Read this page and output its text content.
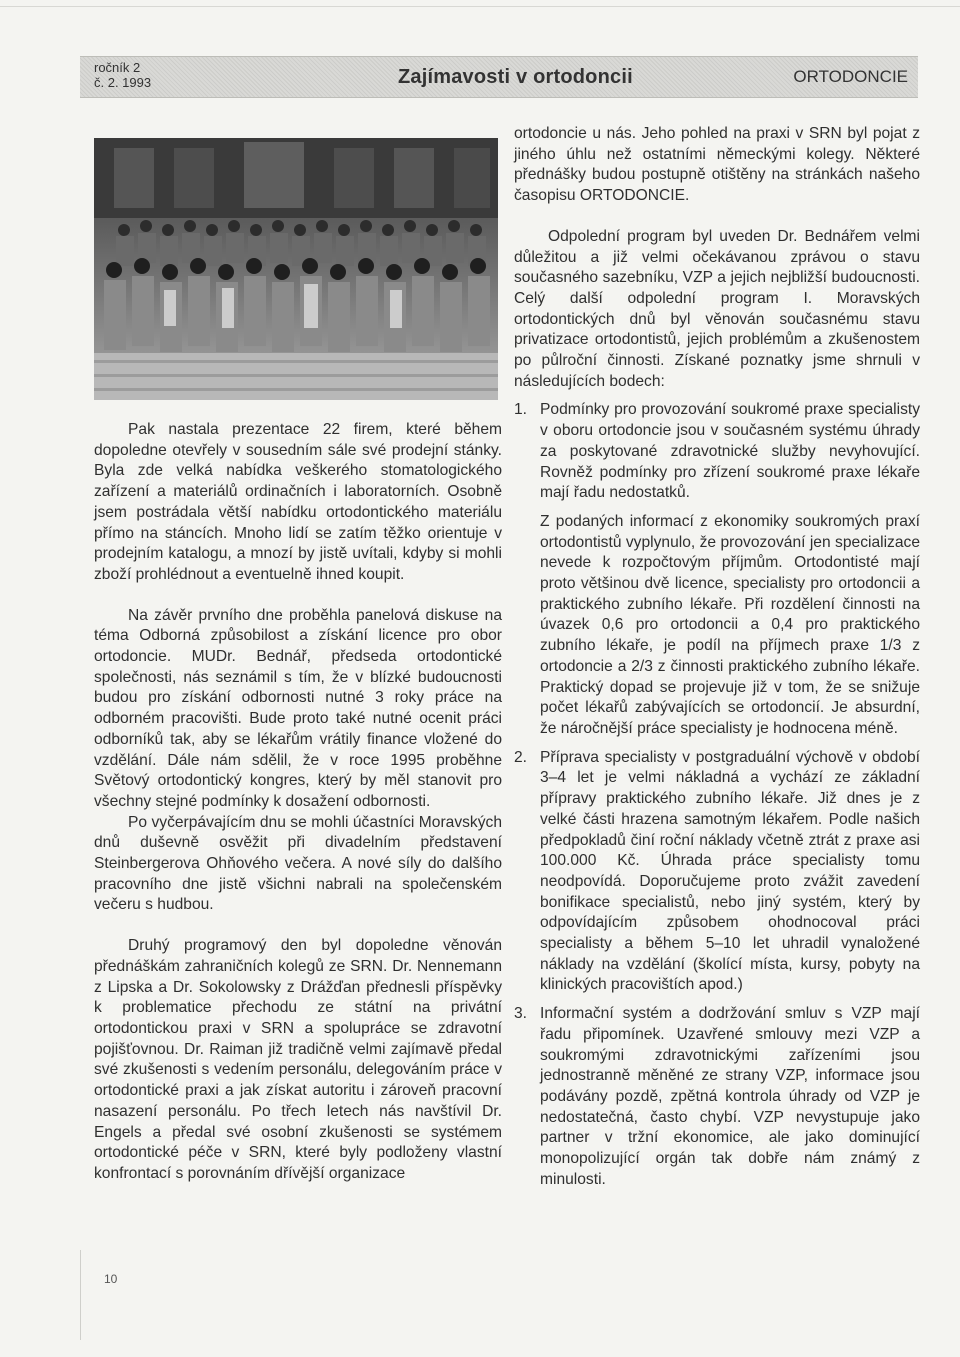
ročník 2
č. 2. 1993	Zajímavosti v ortodoncii	ORTODONCIE

Pak nastala prezentace 22 firem, které během dopoledne otevřely v sousedním sále své prodejní stánky. Byla zde velká nabídka veškerého stomatologického zařízení a materiálů ordinačních i laboratorních. Osobně jsem postrádala větší nabídku ortodontického materiálu přímo na stáncích. Mnoho lidí se zatím těžko orientuje v prodejním katalogu, a mnozí by jistě uvítali, kdyby si mohli zboží prohlédnout a eventuelně ihned koupit.

Na závěr prvního dne proběhla panelová diskuse na téma Odborná způsobilost a získání licence pro obor ortodoncie. MUDr. Bednář, předseda ortodontické společnosti, nás seznámil s tím, že v blízké budoucnosti budou pro získání odbornosti nutné 3 roky práce na odborném pracovišti. Bude proto také nutné ocenit práci odborníků tak, aby se lékařům vrátily finance vložené do vzdělání. Dále nám sdělil, že v roce 1995 proběhne Světový ortodontický kongres, který by měl stanovit pro všechny stejné podmínky k dosažení odbornosti.

Po vyčerpávajícím dnu se mohli účastníci Moravských dnů duševně osvěžit při divadelním představení Steinbergerova Ohňového večera. A nové síly do dalšího pracovního dne jistě všichni nabrali na společenském večeru s hudbou.

Druhý programový den byl dopoledne věnován přednáškám zahraničních kolegů ze SRN. Dr. Nennemann z Lipska a Dr. Sokolowsky z Drážďan přednesli příspěvky k problematice přechodu ze státní na privátní ortodontickou praxi v SRN a spolupráce se zdravotní pojišťovnou. Dr. Raiman již tradičně velmi zajímavě předal své zkušenosti s vedením personálu, delegováním práce v ortodontické praxi a jak získat autoritu i zároveň pracovní nasazení personálu. Po třech letech nás navštívil Dr. Engels a předal své osobní zkušenosti se systémem ortodontické péče v SRN, které byly podloženy vlastní konfrontací s porovnáním dřívější organizace

ortodoncie u nás. Jeho pohled na praxi v SRN byl pojat z jiného úhlu než ostatními německými kolegy. Některé přednášky budou postupně otištěny na stránkách našeho časopisu ORTODONCIE.

Odpolední program byl uveden Dr. Bednářem velmi důležitou a již velmi očekávanou zprávou o stavu současného sazebníku, VZP a jejich nejbližší budoucnosti. Celý další odpolední program I. Moravských ortodontických dnů byl věnován současnému stavu privatizace ortodontistů, jejich problémům a zkušenostem po půlroční činnosti. Získané poznatky jsme shrnuli v následujících bodech:

1. Podmínky pro provozování soukromé praxe specialisty v oboru ortodoncie jsou v současném systému úhrady za poskytované zdravotnické služby nevyhovující. Rovněž podmínky pro zřízení soukromé praxe lékaře mají řadu nedostatků.

Z podaných informací z ekonomiky soukromých praxí ortodontistů vyplynulo, že provozování jen specializace nevede k rozpočtovým příjmům. Ortodontisté mají proto většinou dvě licence, specialisty pro ortodoncii a praktického zubního lékaře. Při rozdělení činnosti na úvazek 0,6 pro ortodoncii a 0,4 pro praktického zubního lékaře, je podíl na příjmech praxe 1/3 z ortodoncie a 2/3 z činnosti praktického zubního lékaře. Praktický dopad se projevuje již v tom, že se snižuje počet lékařů zabývajících se ortodoncií. Je absurdní, že náročnější práce specialisty je hodnocena méně.

2. Příprava specialisty v postgraduální výchově v období 3–4 let je velmi nákladná a vychází ze základní přípravy praktického zubního lékaře. Již dnes je z velké části hrazena samotným lékařem. Podle našich předpokladů činí roční náklady včetně ztrát z praxe asi 100.000 Kč. Úhrada práce specialisty tomu neodpovídá. Doporučujeme proto zvážit zavedení bonifikace specialistů, nebo jiný systém, který by odpovídajícím způsobem ohodnocoval práci specialisty a během 5–10 let uhradil vynaložené náklady na vzdělání (školící místa, kursy, pobyty na klinických pracovištích apod.)

3. Informační systém a dodržování smluv s VZP mají řadu připomínek. Uzavřené smlouvy mezi VZP a soukromými zdravotnickými zařízeními jsou jednostranně měněné ze strany VZP, informace jsou podávány pozdě, zpětná kontrola úhrady od VZP je nedostatečná, často chybí. VZP nevystupuje jako partner v tržní ekonomice, ale jako dominující monopolizující orgán tak dobře nám známý z minulosti.

10
